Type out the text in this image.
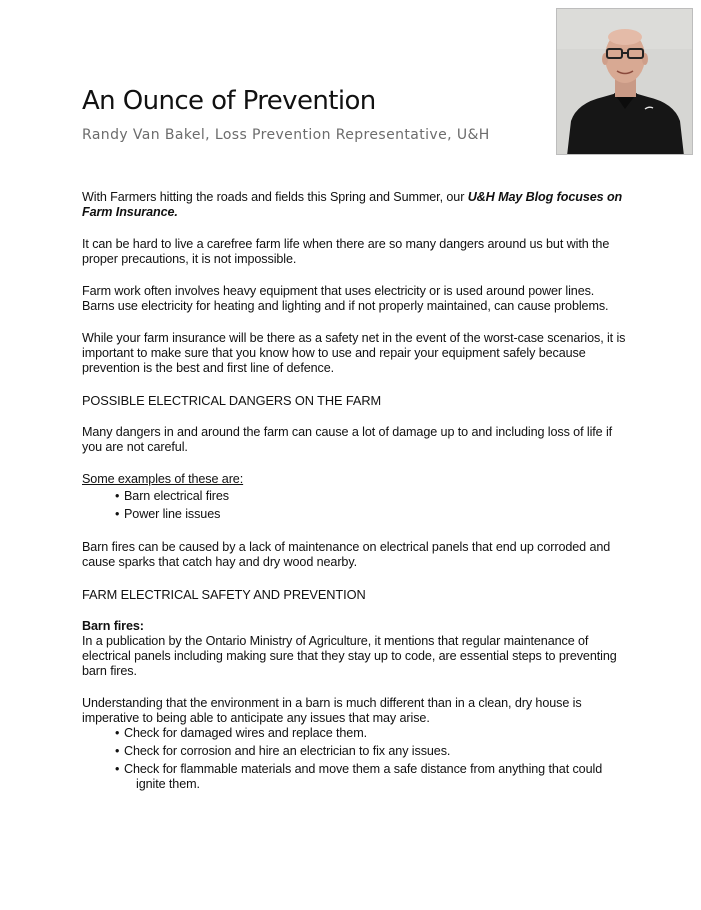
An Ounce of Prevention
Randy Van Bakel, Loss Prevention Representative, U&H

With Farmers hitting the roads and fields this Spring and Summer, our U&H May Blog focuses on Farm Insurance.

It can be hard to live a carefree farm life when there are so many dangers around us but with the proper precautions, it is not impossible.

Farm work often involves heavy equipment that uses electricity or is used around power lines. Barns use electricity for heating and lighting and if not properly maintained, can cause problems.

While your farm insurance will be there as a safety net in the event of the worst-case scenarios, it is important to make sure that you know how to use and repair your equipment safely because prevention is the best and first line of defence.

POSSIBLE ELECTRICAL DANGERS ON THE FARM

Many dangers in and around the farm can cause a lot of damage up to and including loss of life if you are not careful.

Some examples of these are:

• Barn electrical fires
• Power line issues

Barn fires can be caused by a lack of maintenance on electrical panels that end up corroded and cause sparks that catch hay and dry wood nearby.

FARM ELECTRICAL SAFETY AND PREVENTION

Barn fires:

In a publication by the Ontario Ministry of Agriculture, it mentions that regular maintenance of electrical panels including making sure that they stay up to code, are essential steps to preventing barn fires.

Understanding that the environment in a barn is much different than in a clean, dry house is imperative to being able to anticipate any issues that may arise.

• Check for damaged wires and replace them.
• Check for corrosion and hire an electrician to fix any issues.
• Check for flammable materials and move them a safe distance from anything that could
ignite them.
